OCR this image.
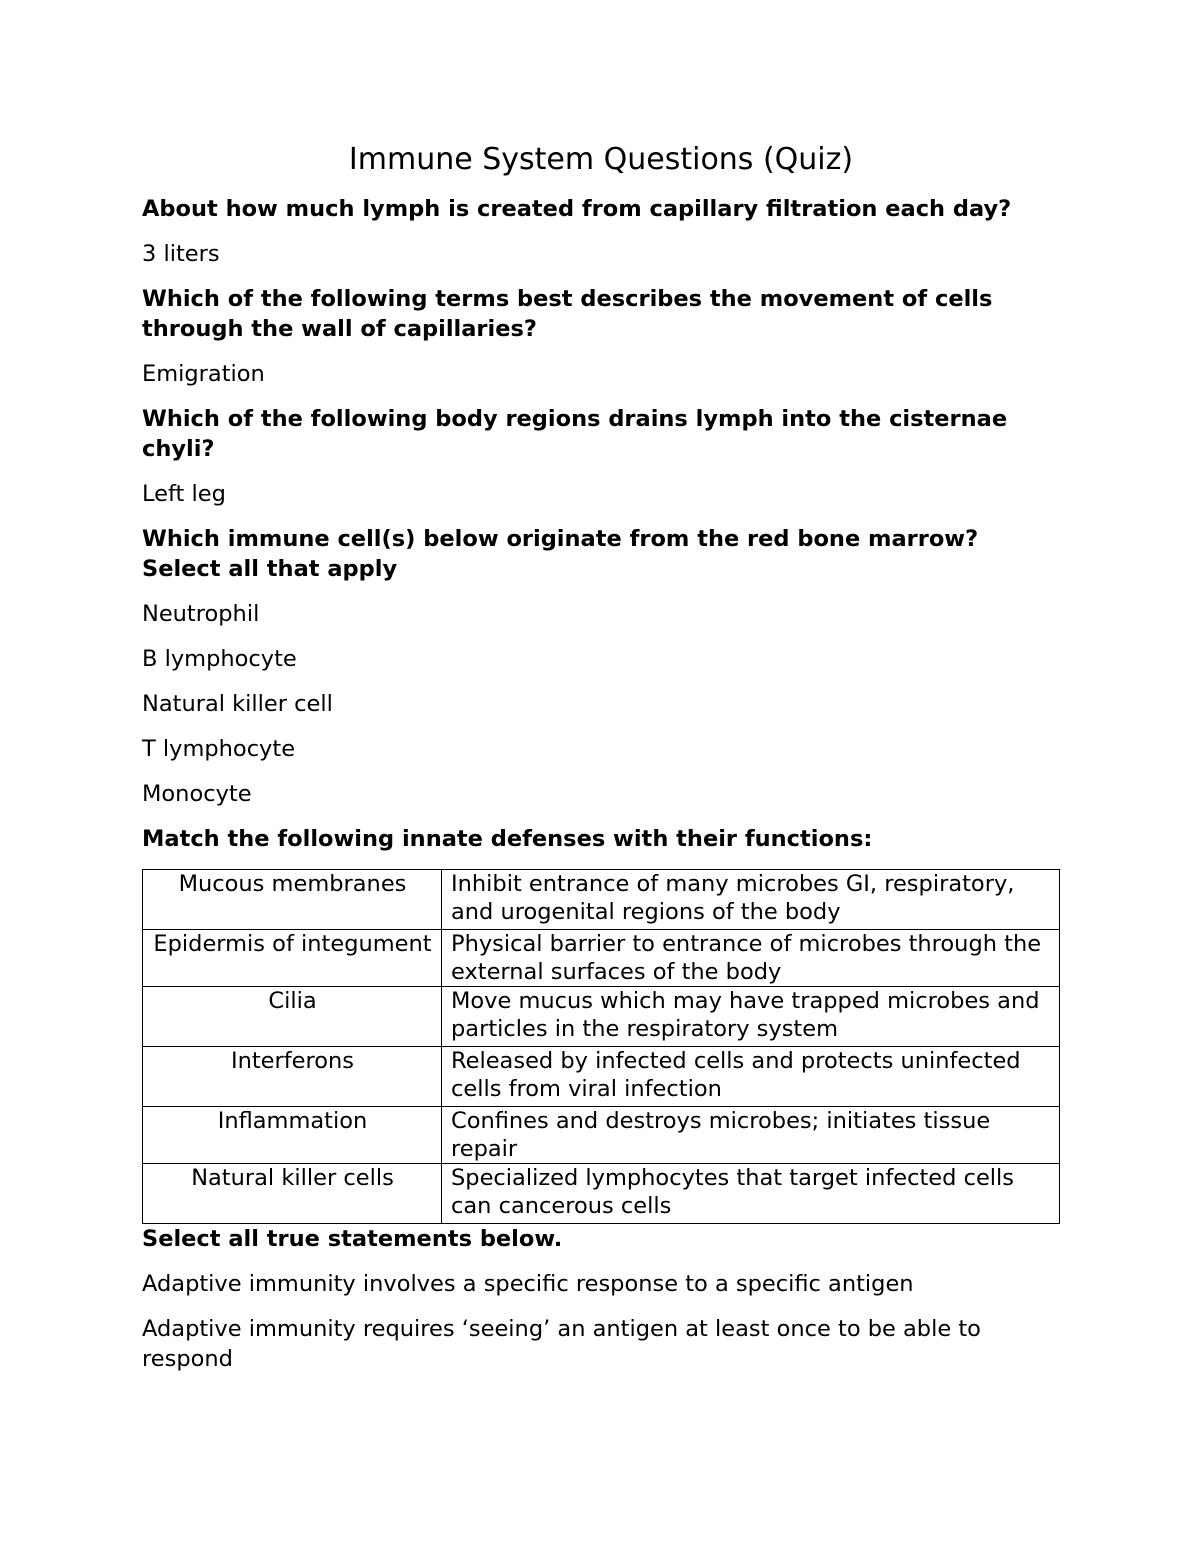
Immune System Questions (Quiz)

About how much lymph is created from capillary filtration each day?

3 liters

Which of the following terms best describes the movement of cells through the wall of capillaries?

Emigration

Which of the following body regions drains lymph into the cisternae chyli?

Left leg

Which immune cell(s) below originate from the red bone marrow? Select all that apply

Neutrophil

B lymphocyte

Natural killer cell

T lymphocyte

Monocyte

Match the following innate defenses with their functions:

Mucous membranes	Inhibit entrance of many microbes GI, respiratory, and urogenital regions of the body
Epidermis of integument	Physical barrier to entrance of microbes through the external surfaces of the body
Cilia	Move mucus which may have trapped microbes and particles in the respiratory system
Interferons	Released by infected cells and protects uninfected cells from viral infection
Inflammation	Confines and destroys microbes; initiates tissue repair
Natural killer cells	Specialized lymphocytes that target infected cells can cancerous cells

Select all true statements below.

Adaptive immunity involves a specific response to a specific antigen

Adaptive immunity requires ‘seeing’ an antigen at least once to be able to respond
